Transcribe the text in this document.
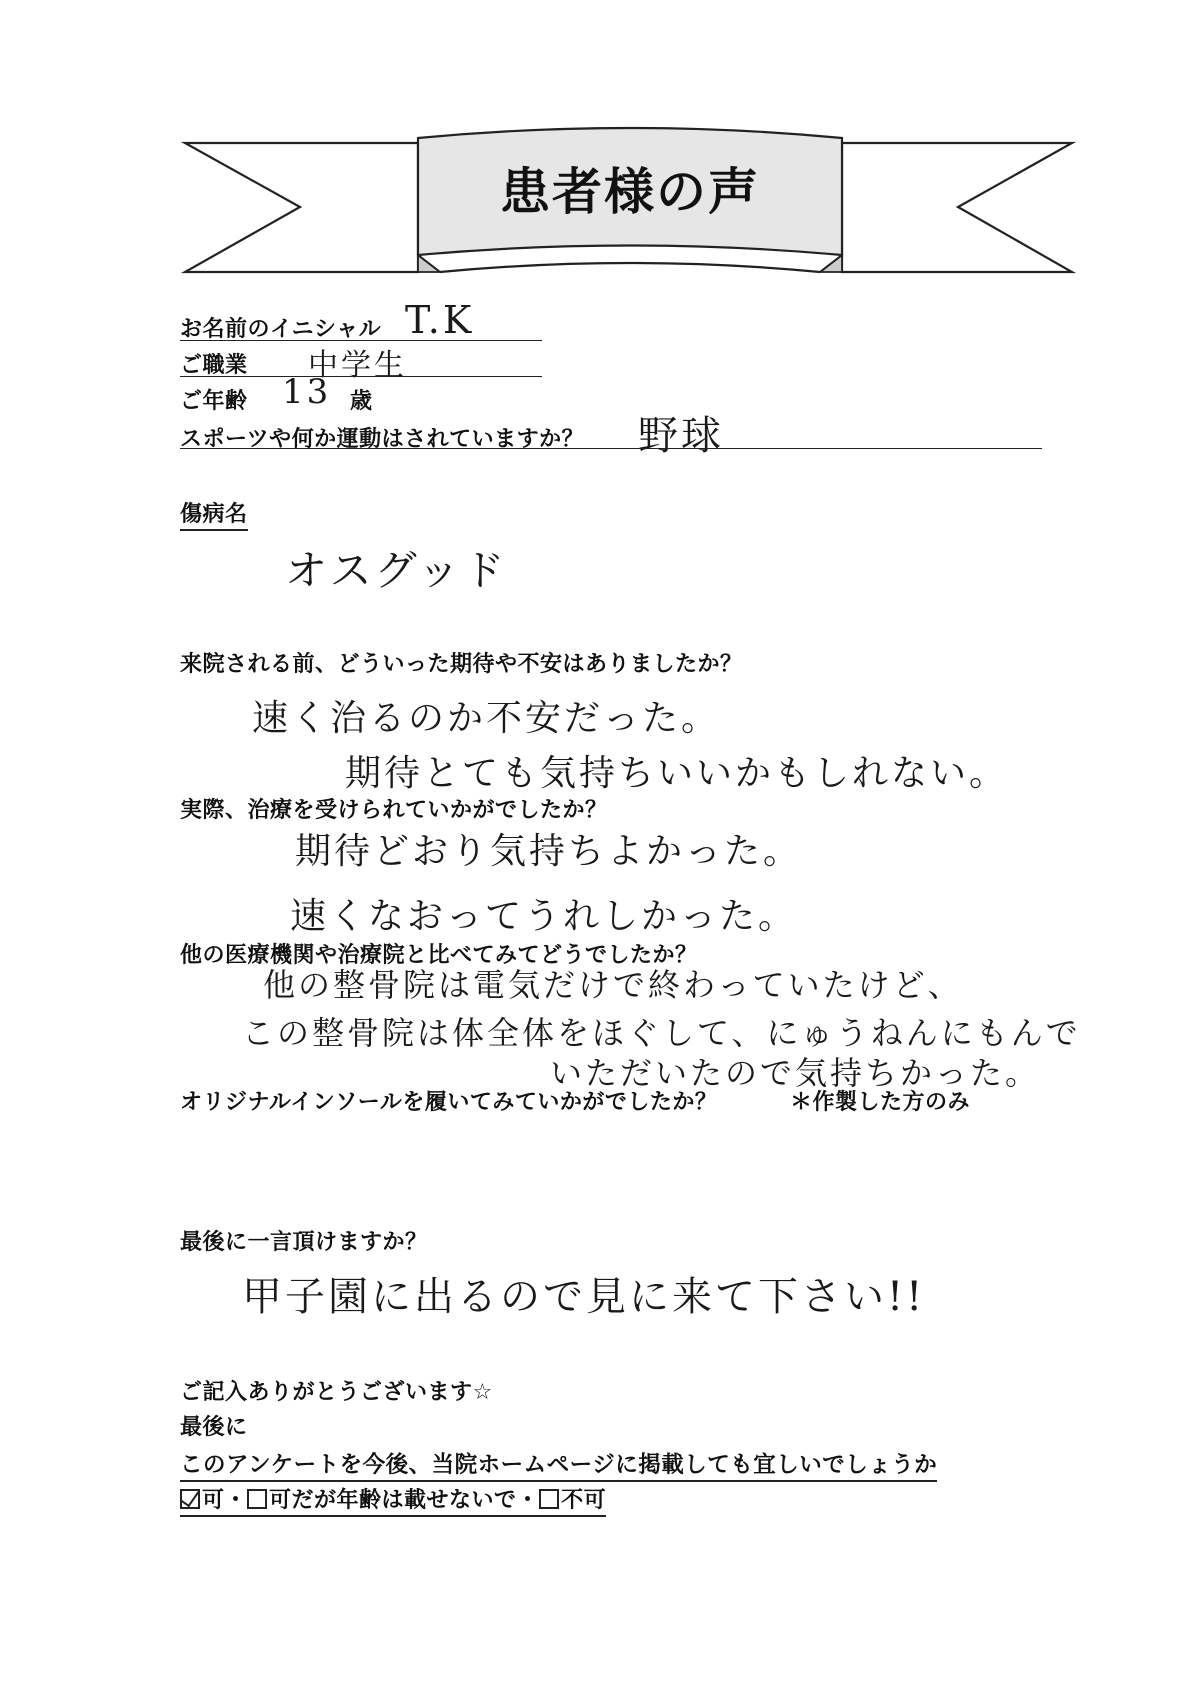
患者様の声
お名前のイニシャル T.K
ご職業 中学生
ご年齢 13 歳
スポーツや何か運動はされていますか？ 野球
傷病名
オスグッド
来院される前、どういった期待や不安はありましたか？
速く治るのか不安だった。
期待とても気持ちいいかもしれない。
実際、治療を受けられていかがでしたか？
期待どおり気持ちよかった。
速くなおってうれしかった。
他の医療機関や治療院と比べてみてどうでしたか？
他の整骨院は電気だけで終わっていたけど、
この整骨院は体全体をほぐして、にゅうねんにもんで
いただいたので気持ちかった。
オリジナルインソールを履いてみていかがでしたか？	＊作製した方のみ
最後に一言頂けますか？
甲子園に出るので見に来て下さい!!
ご記入ありがとうございます☆
最後に
このアンケートを今後、当院ホームページに掲載しても宜しいでしょうか
可・ 可だが年齢は載せないで・ 不可
